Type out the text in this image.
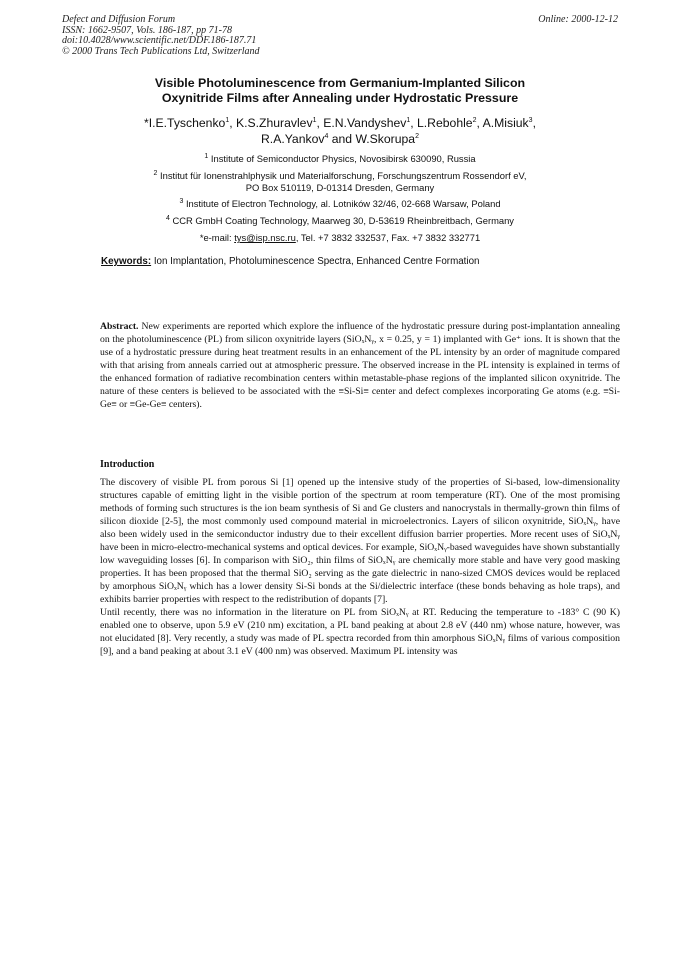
Defect and Diffusion Forum
ISSN: 1662-9507, Vols. 186-187, pp 71-78
doi:10.4028/www.scientific.net/DDF.186-187.71
© 2000 Trans Tech Publications Ltd, Switzerland
Online: 2000-12-12
Visible Photoluminescence from Germanium-Implanted Silicon
Oxynitride Films after Annealing under Hydrostatic Pressure
*I.E.Tyschenko$^1$, K.S.Zhuravlev$^1$, E.N.Vandyshev$^1$, L.Rebohle$^2$, A.Misiuk$^3$,
R.A.Yankov$^4$ and W.Skorupa$^2$
$^1$ Institute of Semiconductor Physics, Novosibirsk 630090, Russia
$^2$ Institut für Ionenstrahlphysik und Materialforschung, Forschungszentrum Rossendorf eV,
PO Box 510119, D-01314 Dresden, Germany
$^3$ Institute of Electron Technology, al. Lotników 32/46, 02-668 Warsaw, Poland
$^4$ CCR GmbH Coating Technology, Maarweg 30, D-53619 Rheinbreitbach, Germany
*e-mail: tys@isp.nsc.ru, Tel. +7 3832 332537, Fax. +7 3832 332771
Keywords: Ion Implantation, Photoluminescence Spectra, Enhanced Centre Formation
Abstract. New experiments are reported which explore the influence of the hydrostatic pressure during post-implantation annealing on the photoluminescence (PL) from silicon oxynitride layers (SiOₓNᵧ, x = 0.25, y = 1) implanted with Ge⁺ ions. It is shown that the use of a hydrostatic pressure during heat treatment results in an enhancement of the PL intensity by an order of magnitude compared with that arising from anneals carried out at atmospheric pressure. The observed increase in the PL intensity is explained in terms of the enhanced formation of radiative recombination centers within metastable-phase regions of the implanted silicon oxynitride. The nature of these centers is believed to be associated with the ≡Si-Si≡ center and defect complexes incorporating Ge atoms (e.g. ≡Si-Ge≡ or ≡Ge-Ge≡ centers).
Introduction

The discovery of visible PL from porous Si [1] opened up the intensive study of the properties of Si-based, low-dimensionality structures capable of emitting light in the visible portion of the spectrum at room temperature (RT). One of the most promising methods of forming such structures is the ion beam synthesis of Si and Ge clusters and nanocrystals in thermally-grown thin films of silicon dioxide [2-5], the most commonly used compound material in microelectronics. Layers of silicon oxynitride, SiOₓNᵧ, have also been widely used in the semiconductor industry due to their excellent diffusion barrier properties. More recent uses of SiOₓNᵧ have been in micro-electro-mechanical systems and optical devices. For example, SiOₓNᵧ-based waveguides have shown substantially low waveguiding losses [6]. In comparison with SiO₂, thin films of SiOₓNᵧ are chemically more stable and have very good masking properties. It has been proposed that the thermal SiO₂ serving as the gate dielectric in nano-sized CMOS devices would be replaced by amorphous SiOₓNᵧ which has a lower density Si-Si bonds at the Si/dielectric interface (these bonds behaving as hole traps), and exhibits barrier properties with respect to the redistribution of dopants [7].

Until recently, there was no information in the literature on PL from SiOₓNᵧ at RT. Reducing the temperature to -183° C (90 K) enabled one to observe, upon 5.9 eV (210 nm) excitation, a PL band peaking at about 2.8 eV (440 nm) whose nature, however, was not elucidated [8]. Very recently, a study was made of PL spectra recorded from thin amorphous SiOₓNᵧ films of various composition [9], and a band peaking at about 3.1 eV (400 nm) was observed. Maximum PL intensity was
